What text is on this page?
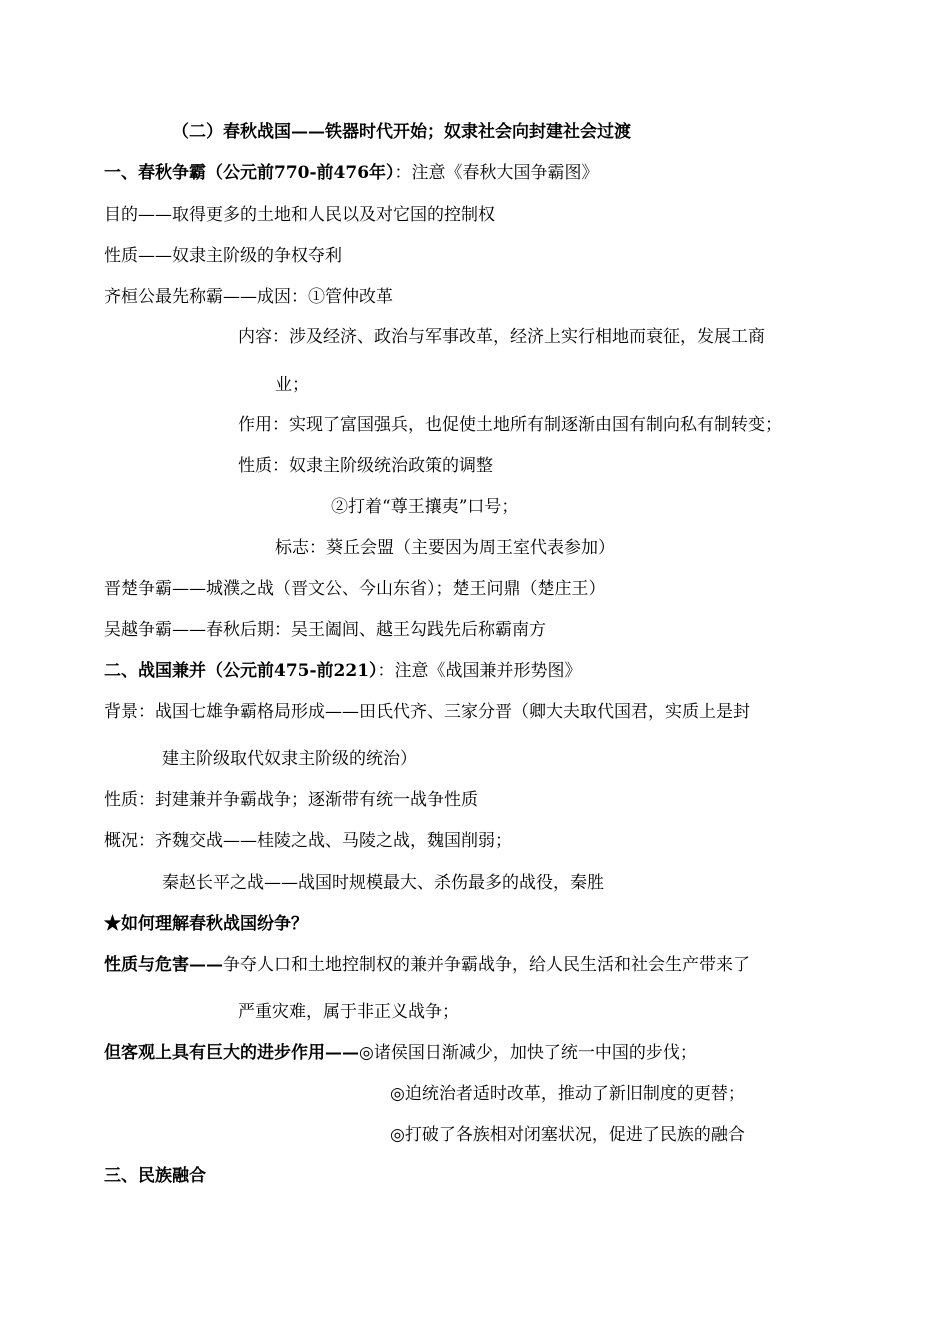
（二）春秋战国——铁器时代开始；奴隶社会向封建社会过渡
一、春秋争霸（公元前770-前476年）：注意《春秋大国争霸图》
目的——取得更多的土地和人民以及对它国的控制权
性质——奴隶主阶级的争权夺利
齐桓公最先称霸——成因：①管仲改革
内容：涉及经济、政治与军事改革，经济上实行相地而衰征，发展工商
业；
作用：实现了富国强兵，也促使土地所有制逐渐由国有制向私有制转变；
性质：奴隶主阶级统治政策的调整
②打着“尊王攘夷”口号；
标志：葵丘会盟（主要因为周王室代表参加）
晋楚争霸——城濮之战（晋文公、今山东省）；楚王问鼎（楚庄王）
吴越争霸——春秋后期：吴王阖闾、越王勾践先后称霸南方
二、战国兼并（公元前475-前221）：注意《战国兼并形势图》
背景：战国七雄争霸格局形成——田氏代齐、三家分晋（卿大夫取代国君，实质上是封
建主阶级取代奴隶主阶级的统治）
性质：封建兼并争霸战争；逐渐带有统一战争性质
概况：齐魏交战——桂陵之战、马陵之战，魏国削弱；
秦赵长平之战——战国时规模最大、杀伤最多的战役，秦胜
★如何理解春秋战国纷争？
性质与危害——争夺人口和土地控制权的兼并争霸战争，给人民生活和社会生产带来了
严重灾难，属于非正义战争；
但客观上具有巨大的进步作用——◎诸侯国日渐减少，加快了统一中国的步伐；
◎迫统治者适时改革，推动了新旧制度的更替；
◎打破了各族相对闭塞状况，促进了民族的融合
三、民族融合
